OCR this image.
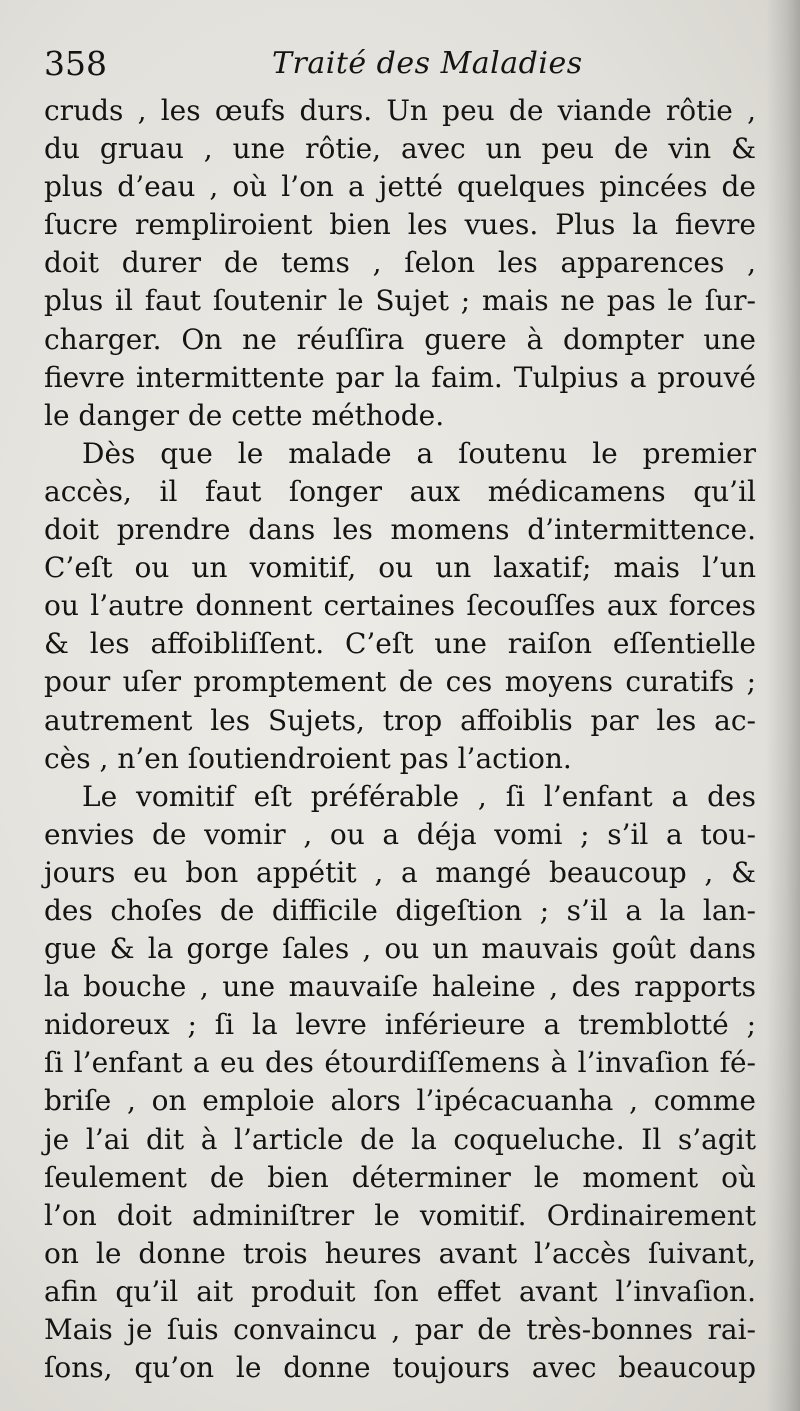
358	Traité des Maladies
cruds , les œufs durs. Un peu de viande rôtie ,
du gruau , une rôtie, avec un peu de vin &
plus d’eau , où l’on a jetté quelques pincées de
ſucre rempliroient bien les vues. Plus la fievre
doit durer de tems , ſelon les apparences ,
plus il faut ſoutenir le Sujet ; mais ne pas le ſur-
charger. On ne réuſſira guere à dompter une
fievre intermittente par la faim. Tulpius a prouvé
le danger de cette méthode.
Dès que le malade a ſoutenu le premier
accès, il faut ſonger aux médicamens qu’il
doit prendre dans les momens d’intermittence.
C’eſt ou un vomitif, ou un laxatif; mais l’un
ou l’autre donnent certaines ſecouſſes aux forces
& les affoibliſſent. C’eſt une raiſon eſſentielle
pour uſer promptement de ces moyens curatifs ;
autrement les Sujets, trop affoiblis par les ac-
cès , n’en ſoutiendroient pas l’action.
Le vomitif eſt préférable , ſi l’enfant a des
envies de vomir , ou a déja vomi ; s’il a tou-
jours eu bon appétit , a mangé beaucoup , &
des choſes de difficile digeſtion ; s’il a la lan-
gue & la gorge ſales , ou un mauvais goût dans
la bouche , une mauvaiſe haleine , des rapports
nidoreux ; ſi la levre inférieure a tremblotté ;
ſi l’enfant a eu des étourdiſſemens à l’invaſion fé-
briſe , on emploie alors l’ipécacuanha , comme
je l’ai dit à l’article de la coqueluche. Il s’agit
ſeulement de bien déterminer le moment où
l’on doit adminiſtrer le vomitif. Ordinairement
on le donne trois heures avant l’accès ſuivant,
afin qu’il ait produit ſon effet avant l’invaſion.
Mais je ſuis convaincu , par de très-bonnes rai-
ſons, qu’on le donne toujours avec beaucoup
